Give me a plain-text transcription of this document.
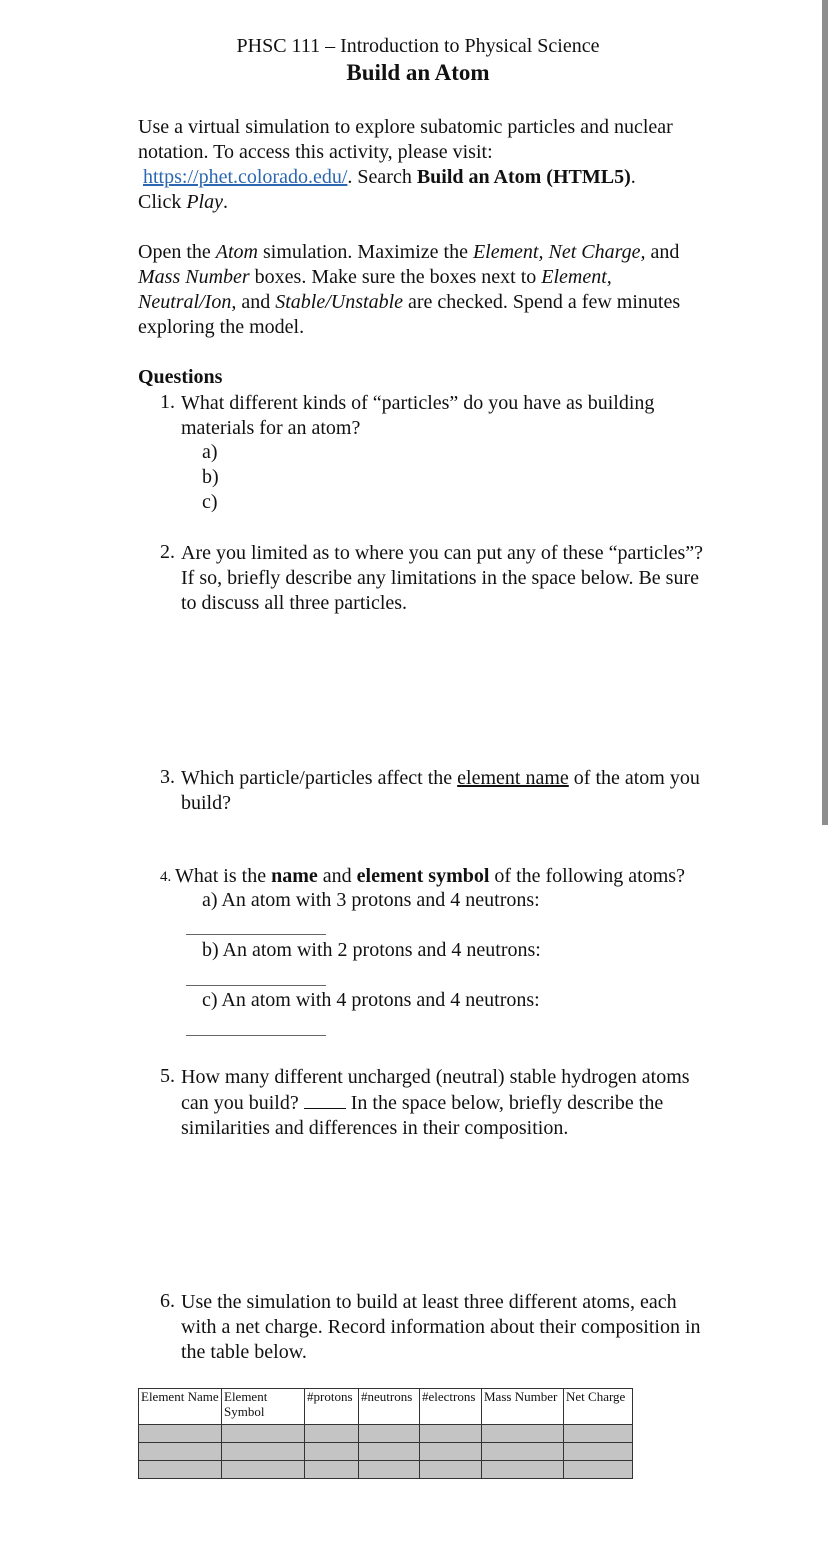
PHSC 111 – Introduction to Physical Science
Build an Atom
Use a virtual simulation to explore subatomic particles and nuclear notation. To access this activity, please visit:
https://phet.colorado.edu/. Search Build an Atom (HTML5).
Click Play.
Open the Atom simulation. Maximize the Element, Net Charge, and Mass Number boxes. Make sure the boxes next to Element, Neutral/Ion, and Stable/Unstable are checked. Spend a few minutes exploring the model.
Questions
1. What different kinds of “particles” do you have as building materials for an atom?
a)
b)
c)
2. Are you limited as to where you can put any of these “particles”? If so, briefly describe any limitations in the space below. Be sure to discuss all three particles.
3. Which particle/particles affect the element name of the atom you build?
4. What is the name and element symbol of the following atoms?
a) An atom with 3 protons and 4 neutrons:
b) An atom with 2 protons and 4 neutrons:
c) An atom with 4 protons and 4 neutrons:
5. How many different uncharged (neutral) stable hydrogen atoms can you build?  In the space below, briefly describe the similarities and differences in their composition.
6. Use the simulation to build at least three different atoms, each with a net charge. Record information about their composition in the table below.
Element Name	Element Symbol	#protons	#neutrons	#electrons	Mass Number	Net Charge
